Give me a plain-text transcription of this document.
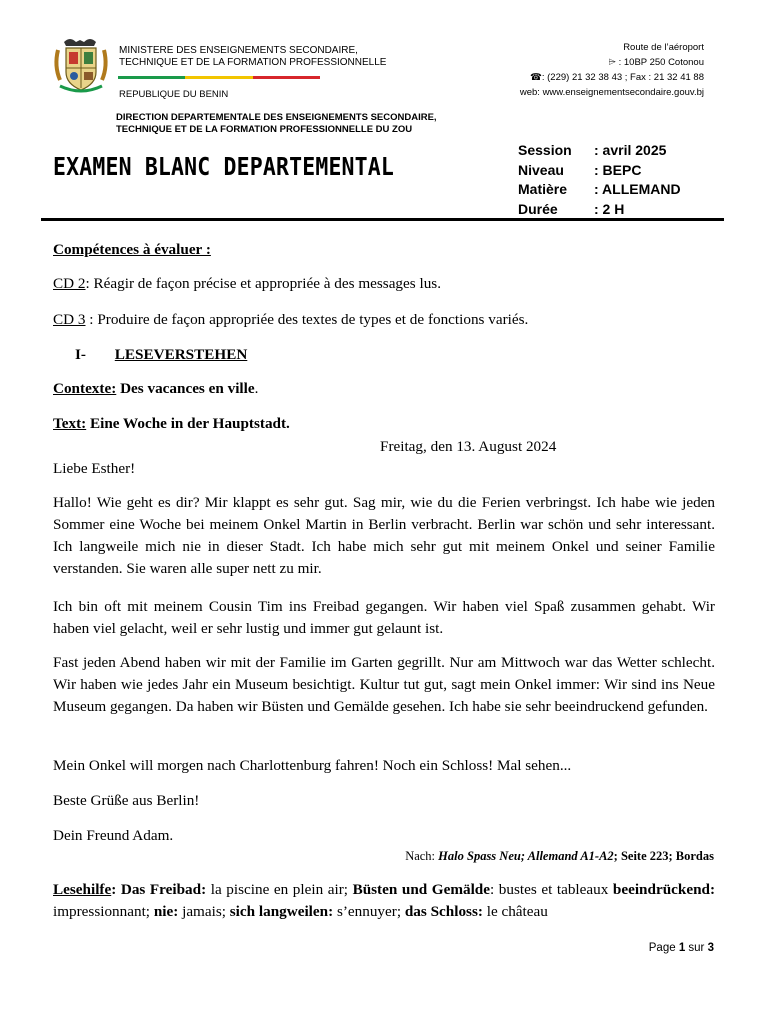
MINISTERE DES ENSEIGNEMENTS SECONDAIRE,
TECHNIQUE ET DE LA FORMATION PROFESSIONNELLE
REPUBLIQUE DU BENIN
Route de l’aéroport
⌲ : 10BP 250 Cotonou
☎: (229) 21 32 38 43 ; Fax : 21 32 41 88
web: www.enseignementsecondaire.gouv.bj
DIRECTION DEPARTEMENTALE DES ENSEIGNEMENTS SECONDAIRE,
TECHNIQUE ET DE LA FORMATION PROFESSIONNELLE DU ZOU
EXAMEN BLANC DEPARTEMENTAL
Session	: avril 2025
Niveau	: BEPC
Matière	: ALLEMAND
Durée	: 2 H
Compétences à évaluer :
CD 2: Réagir de façon précise et appropriée à des messages lus.
CD 3 : Produire de façon appropriée des textes de types et de fonctions variés.
I- LESEVERSTEHEN
Contexte: Des vacances en ville.
Text: Eine Woche in der Hauptstadt.
Freitag, den 13. August 2024
Liebe Esther!
Hallo! Wie geht es dir? Mir klappt es sehr gut. Sag mir, wie du die Ferien verbringst. Ich habe wie jeden Sommer eine Woche bei meinem Onkel Martin in Berlin verbracht. Berlin war schön und sehr interessant. Ich langweile mich nie in dieser Stadt. Ich habe mich sehr gut mit meinem Onkel und seiner Familie verstanden. Sie waren alle super nett zu mir.
Ich bin oft mit meinem Cousin Tim ins Freibad gegangen. Wir haben viel Spaß zusammen gehabt. Wir haben viel gelacht, weil er sehr lustig und immer gut gelaunt ist.
Fast jeden Abend haben wir mit der Familie im Garten gegrillt. Nur am Mittwoch war das Wetter schlecht. Wir haben wie jedes Jahr ein Museum besichtigt. Kultur tut gut, sagt mein Onkel immer: Wir sind ins Neue Museum gegangen. Da haben wir Büsten und Gemälde gesehen. Ich habe sie sehr beeindruckend gefunden.
Mein Onkel will morgen nach Charlottenburg fahren! Noch ein Schloss! Mal sehen...
Beste Grüße aus Berlin!
Dein Freund Adam.
Nach: Halo Spass Neu; Allemand A1-A2; Seite 223; Bordas
Lesehilfe: Das Freibad: la piscine en plein air; Büsten und Gemälde: bustes et tableaux beeindrückend: impressionnant; nie: jamais; sich langweilen: s’ennuyer; das Schloss: le château
Page 1 sur 3
